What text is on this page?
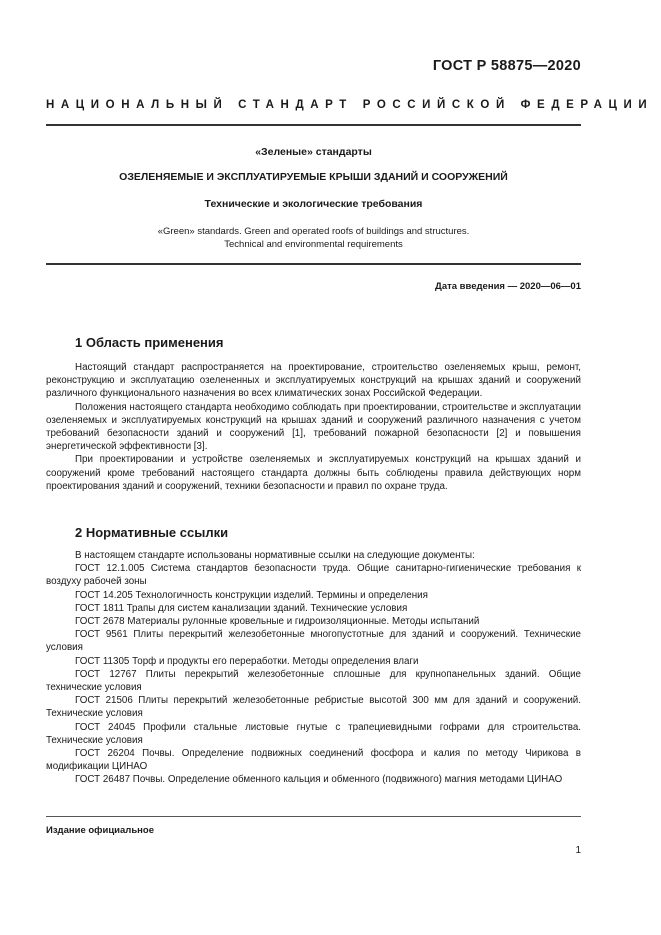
ГОСТ Р 58875—2020
НАЦИОНАЛЬНЫЙ СТАНДАРТ РОССИЙСКОЙ ФЕДЕРАЦИИ
«Зеленые» стандарты
ОЗЕЛЕНЯЕМЫЕ И ЭКСПЛУАТИРУЕМЫЕ КРЫШИ ЗДАНИЙ И СООРУЖЕНИЙ
Технические и экологические требования
«Green» standards. Green and operated roofs of buildings and structures.
Technical and environmental requirements
Дата введения — 2020—06—01
1 Область применения

Настоящий стандарт распространяется на проектирование, строительство озеленяемых крыш, ремонт, реконструкцию и эксплуатацию озелененных и эксплуатируемых конструкций на крышах зданий и сооружений различного функционального назначения во всех климатических зонах Российской Федерации.

Положения настоящего стандарта необходимо соблюдать при проектировании, строительстве и эксплуатации озеленяемых и эксплуатируемых конструкций на крышах зданий и сооружений различного назначения с учетом требований безопасности зданий и сооружений [1], требований пожарной безопасности [2] и повышения энергетической эффективности [3].

При проектировании и устройстве озеленяемых и эксплуатируемых конструкций на крышах зданий и сооружений кроме требований настоящего стандарта должны быть соблюдены правила действующих норм проектирования зданий и сооружений, техники безопасности и правил по охране труда.

2 Нормативные ссылки

В настоящем стандарте использованы нормативные ссылки на следующие документы:

ГОСТ 12.1.005 Система стандартов безопасности труда. Общие санитарно-гигиенические требования к воздуху рабочей зоны

ГОСТ 14.205 Технологичность конструкции изделий. Термины и определения

ГОСТ 1811 Трапы для систем канализации зданий. Технические условия

ГОСТ 2678 Материалы рулонные кровельные и гидроизоляционные. Методы испытаний

ГОСТ 9561 Плиты перекрытий железобетонные многопустотные для зданий и сооружений. Технические условия

ГОСТ 11305 Торф и продукты его переработки. Методы определения влаги

ГОСТ 12767 Плиты перекрытий железобетонные сплошные для крупнопанельных зданий. Общие технические условия

ГОСТ 21506 Плиты перекрытий железобетонные ребристые высотой 300 мм для зданий и сооружений. Технические условия

ГОСТ 24045 Профили стальные листовые гнутые с трапециевидными гофрами для строительства. Технические условия

ГОСТ 26204 Почвы. Определение подвижных соединений фосфора и калия по методу Чирикова в модификации ЦИНАО

ГОСТ 26487 Почвы. Определение обменного кальция и обменного (подвижного) магния методами ЦИНАО

Издание официальное
1
